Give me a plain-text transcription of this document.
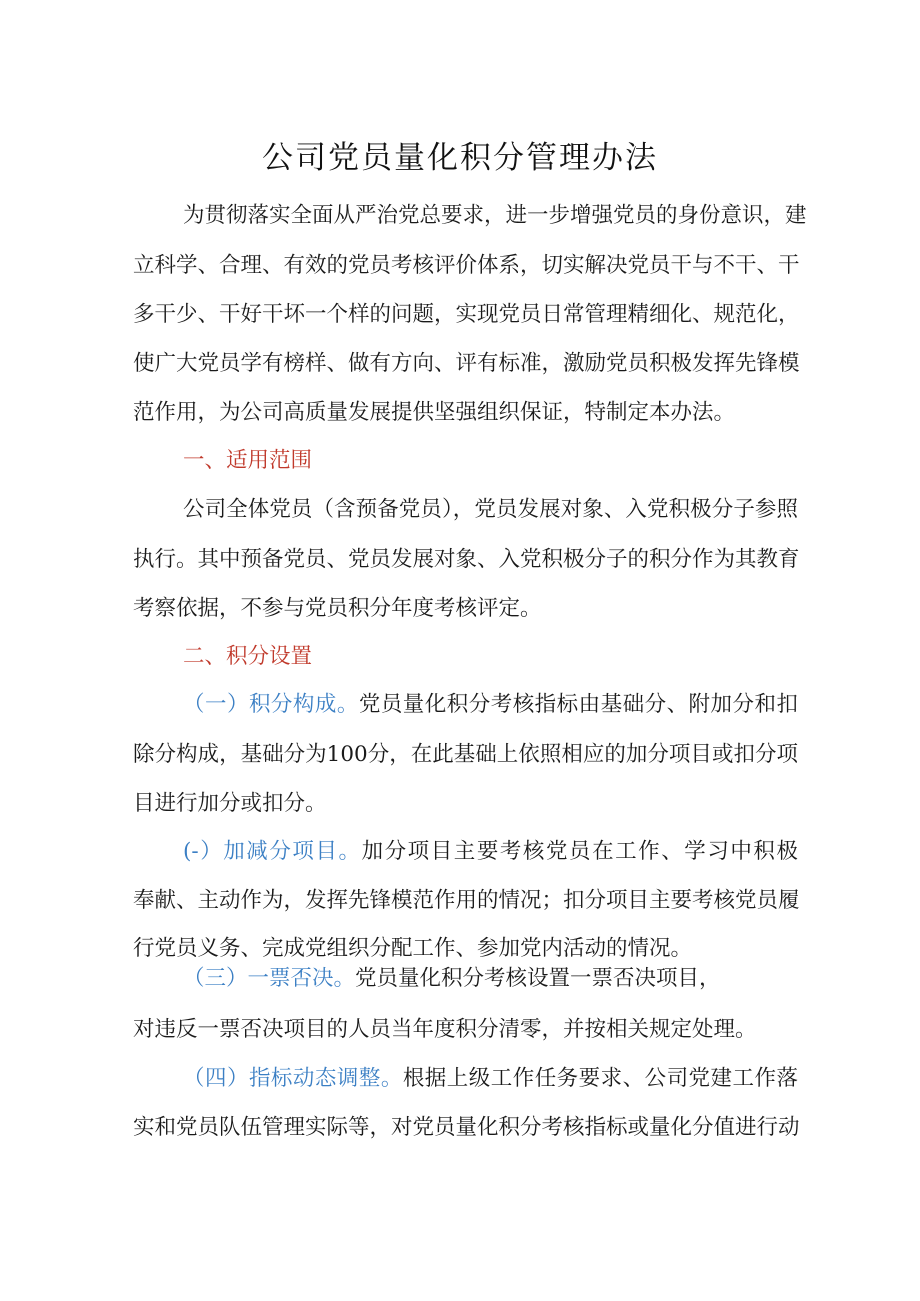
公司党员量化积分管理办法
为贯彻落实全面从严治党总要求，进一步增强党员的身份意识，建
立科学、合理、有效的党员考核评价体系，切实解决党员干与不干、干
多干少、干好干坏一个样的问题，实现党员日常管理精细化、规范化，
使广大党员学有榜样、做有方向、评有标准，激励党员积极发挥先锋模
范作用，为公司高质量发展提供坚强组织保证，特制定本办法。
一、适用范围
公司全体党员（含预备党员），党员发展对象、入党积极分子参照
执行。其中预备党员、党员发展对象、入党积极分子的积分作为其教育
考察依据，不参与党员积分年度考核评定。
二、积分设置
（一）积分构成。党员量化积分考核指标由基础分、附加分和扣
除分构成，基础分为100分，在此基础上依照相应的加分项目或扣分项
目进行加分或扣分。
(-）加减分项目。加分项目主要考核党员在工作、学习中积极
奉献、主动作为，发挥先锋模范作用的情况；扣分项目主要考核党员履
行党员义务、完成党组织分配工作、参加党内活动的情况。
（三）一票否决。党员量化积分考核设置一票否决项目，
对违反一票否决项目的人员当年度积分清零，并按相关规定处理。
（四）指标动态调整。根据上级工作任务要求、公司党建工作落
实和党员队伍管理实际等，对党员量化积分考核指标或量化分值进行动
